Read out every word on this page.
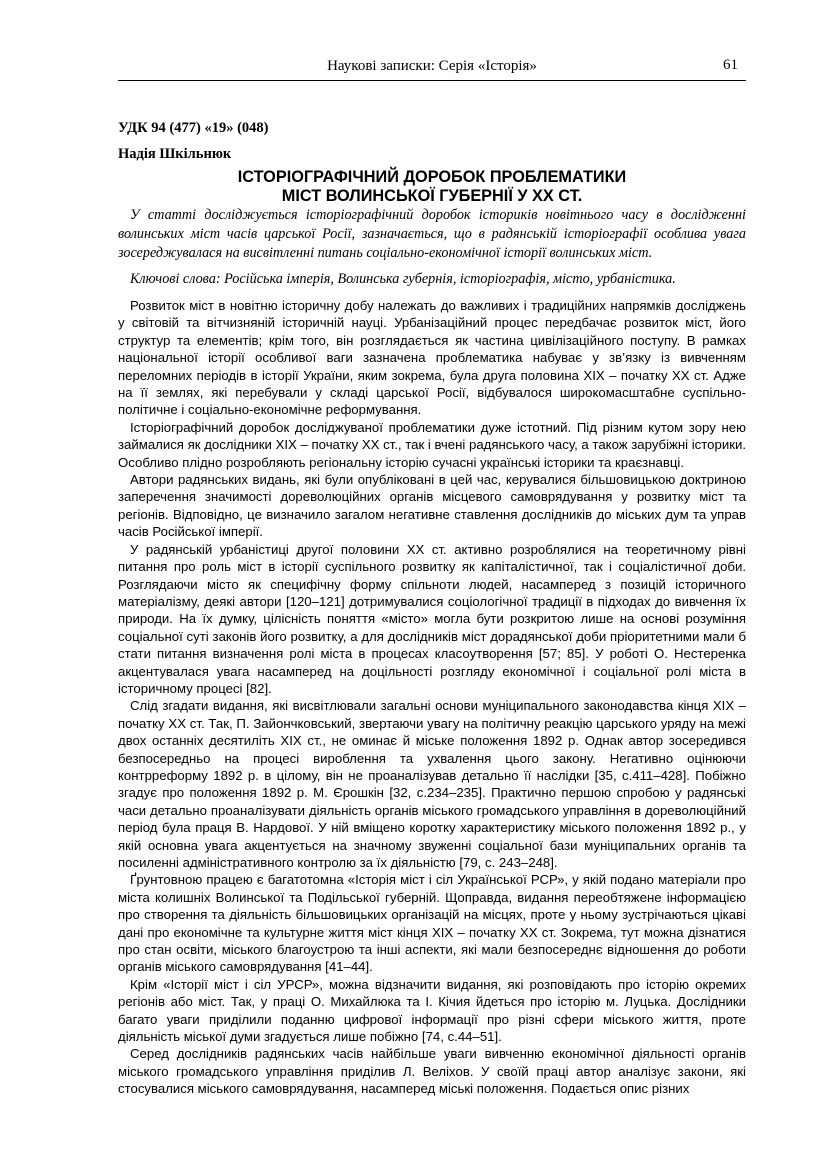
Наукові записки: Серія «Історія»	61

УДК 94 (477) «19» (048)

Надія Шкільнюк

ІСТОРІОГРАФІЧНИЙ ДОРОБОК ПРОБЛЕМАТИКИ
МІСТ ВОЛИНСЬКОЇ ГУБЕРНІЇ У XX СТ.

У статті досліджується історіографічний доробок істориків новітнього часу в дослідженні волинських міст часів царської Росії, зазначається, що в радянській історіографії особлива увага зосереджувалася на висвітленні питань соціально-економічної історії волинських міст.

Ключові слова: Російська імперія, Волинська губернія, історіографія, місто, урбаністика.

Розвиток міст в новітню історичну добу належать до важливих і традиційних напрямків досліджень у світовій та вітчизняній історичній науці. Урбанізаційний процес передбачає розвиток міст, його структур та елементів; крім того, він розглядається як частина цивілізаційного поступу. В рамках національної історії особливої ваги зазначена проблематика набуває у зв’язку із вивченням переломних періодів в історії України, яким зокрема, була друга половина XIX – початку XX ст. Адже на її землях, які перебували у складі царської Росії, відбувалося широкомасштабне суспільно-політичне і соціально-економічне реформування.

Історіографічний доробок досліджуваної проблематики дуже істотний. Під різним кутом зору нею займалися як дослідники XIX – початку XX ст., так і вчені радянського часу, а також зарубіжні історики. Особливо плідно розробляють регіональну історію сучасні українські історики та краєзнавці.

Автори радянських видань, які були опубліковані в цей час, керувалися більшовицькою доктриною заперечення значимості дореволюційних органів місцевого самоврядування у розвитку міст та регіонів. Відповідно, це визначило загалом негативне ставлення дослідників до міських дум та управ часів Російської імперії.

У радянській урбаністиці другої половини XX ст. активно розроблялися на теоретичному рівні питання про роль міст в історії суспільного розвитку як капіталістичної, так і соціалістичної доби. Розглядаючи місто як специфічну форму спільноти людей, насамперед з позицій історичного матеріалізму, деякі автори [120–121] дотримувалися соціологічної традиції в підходах до вивчення їх природи. На їх думку, цілісність поняття «місто» могла бути розкритою лише на основі розуміння соціальної суті законів його розвитку, а для дослідників міст дорадянської доби пріоритетними мали б стати питання визначення ролі міста в процесах класоутворення [57; 85]. У роботі О. Нестеренка акцентувалася увага насамперед на доцільності розгляду економічної і соціальної ролі міста в історичному процесі [82].

Слід згадати видання, які висвітлювали загальні основи муніципального законодавства кінця XIX – початку XX ст. Так, П. Зайончковський, звертаючи увагу на політичну реакцію царського уряду на межі двох останніх десятиліть XIX ст., не оминає й міське положення 1892 р. Однак автор зосередився безпосередньо на процесі вироблення та ухвалення цього закону. Негативно оцінюючи контрреформу 1892 р. в цілому, він не проаналізував детально її наслідки [35, с.411–428]. Побіжно згадує про положення 1892 р. М. Єрошкін [32, с.234–235]. Практично першою спробою у радянські часи детально проаналізувати діяльність органів міського громадського управління в дореволюційний період була праця В. Нардової. У ній вміщено коротку характеристику міського положення 1892 р., у якій основна увага акцентується на значному звуженні соціальної бази муніципальних органів та посиленні адміністративного контролю за їх діяльністю [79, с. 243–248].

Ґрунтовною працею є багатотомна «Історія міст і сіл Української РСР», у якій подано матеріали про міста колишніх Волинської та Подільської губерній. Щоправда, видання переобтяжене інформацією про створення та діяльність більшовицьких організацій на місцях, проте у ньому зустрічаються цікаві дані про економічне та культурне життя міст кінця XIX – початку XX ст. Зокрема, тут можна дізнатися про стан освіти, міського благоустрою та інші аспекти, які мали безпосереднє відношення до роботи органів міського самоврядування [41–44].

Крім «Історії міст і сіл УРСР», можна відзначити видання, які розповідають про історію окремих регіонів або міст. Так, у праці О. Михайлюка та І. Кічия йдеться про історію м. Луцька. Дослідники багато уваги приділили поданню цифрової інформації про різні сфери міського життя, проте діяльність міської думи згадується лише побіжно [74, с.44–51].

Серед дослідників радянських часів найбільше уваги вивченню економічної діяльності органів міського громадського управління приділив Л. Веліхов. У своїй праці автор аналізує закони, які стосувалися міського самоврядування, насамперед міські положення. Подається опис різних
